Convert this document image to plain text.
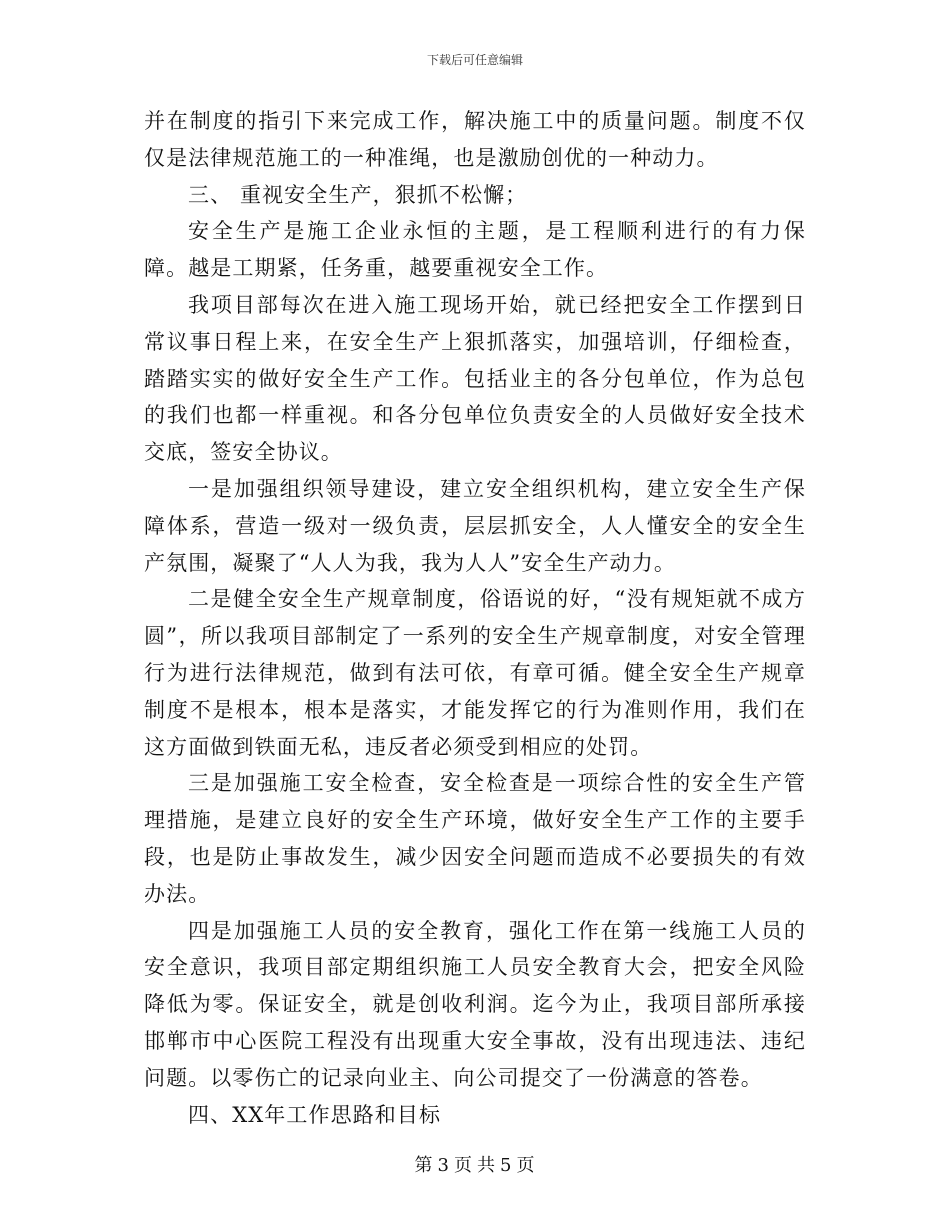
下载后可任意编辑

并在制度的指引下来完成工作，解决施工中的质量问题。制度不仅仅是法律规范施工的一种准绳，也是激励创优的一种动力。

三、 重视安全生产，狠抓不松懈；

安全生产是施工企业永恒的主题，是工程顺利进行的有力保障。越是工期紧，任务重，越要重视安全工作。

我项目部每次在进入施工现场开始，就已经把安全工作摆到日常议事日程上来，在安全生产上狠抓落实，加强培训，仔细检查，踏踏实实的做好安全生产工作。包括业主的各分包单位，作为总包的我们也都一样重视。和各分包单位负责安全的人员做好安全技术交底，签安全协议。

一是加强组织领导建设，建立安全组织机构，建立安全生产保障体系，营造一级对一级负责，层层抓安全，人人懂安全的安全生产氛围，凝聚了“人人为我，我为人人”安全生产动力。

二是健全安全生产规章制度，俗语说的好，“没有规矩就不成方圆”，所以我项目部制定了一系列的安全生产规章制度，对安全管理行为进行法律规范，做到有法可依，有章可循。健全安全生产规章制度不是根本，根本是落实，才能发挥它的行为准则作用，我们在这方面做到铁面无私，违反者必须受到相应的处罚。

三是加强施工安全检查，安全检查是一项综合性的安全生产管理措施，是建立良好的安全生产环境，做好安全生产工作的主要手段，也是防止事故发生，减少因安全问题而造成不必要损失的有效办法。

四是加强施工人员的安全教育，强化工作在第一线施工人员的安全意识，我项目部定期组织施工人员安全教育大会，把安全风险降低为零。保证安全，就是创收利润。迄今为止，我项目部所承接邯郸市中心医院工程没有出现重大安全事故，没有出现违法、违纪问题。以零伤亡的记录向业主、向公司提交了一份满意的答卷。

四、XX年工作思路和目标

第 3 页 共 5 页
